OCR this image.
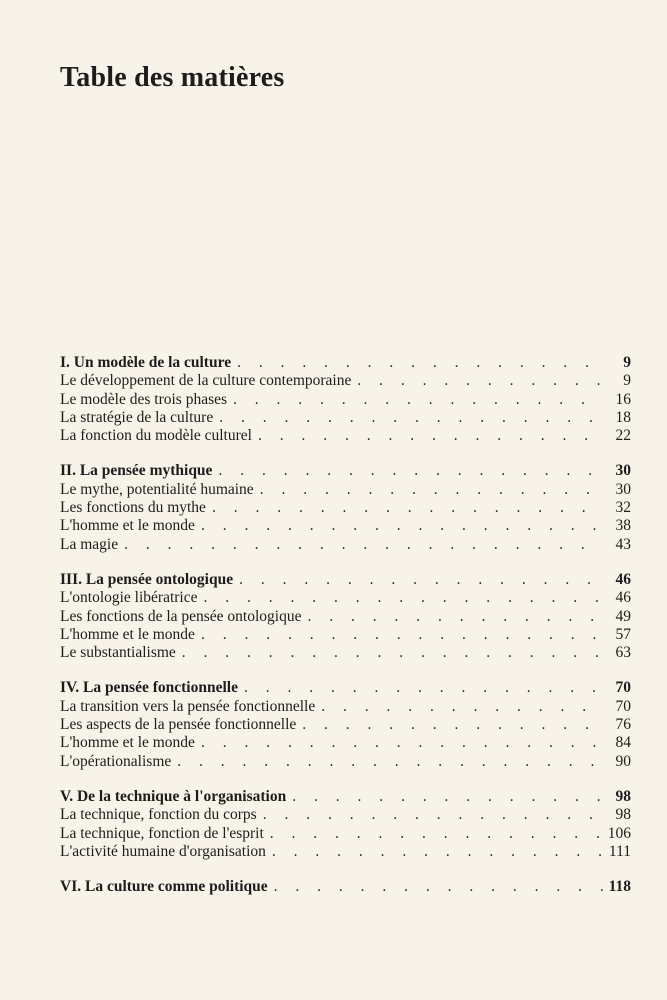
Table des matières
I. Un modèle de la culture . . .	9
Le développement de la culture contemporaine . . .	9
Le modèle des trois phases . . .	16
La stratégie de la culture . . .	18
La fonction du modèle culturel . . .	22
II. La pensée mythique . . .	30
Le mythe, potentialité humaine . . .	30
Les fonctions du mythe . . .	32
L'homme et le monde . . .	38
La magie . . .	43
III. La pensée ontologique . . .	46
L'ontologie libératrice . . .	46
Les fonctions de la pensée ontologique . . .	49
L'homme et le monde . . .	57
Le substantialisme . . .	63
IV. La pensée fonctionnelle . . .	70
La transition vers la pensée fonctionnelle . . .	70
Les aspects de la pensée fonctionnelle . . .	76
L'homme et le monde . . .	84
L'opérationalisme . . .	90
V. De la technique à l'organisation . . .	98
La technique, fonction du corps . . .	98
La technique, fonction de l'esprit . . .	106
L'activité humaine d'organisation . . .	111
VI. La culture comme politique . . .	118
